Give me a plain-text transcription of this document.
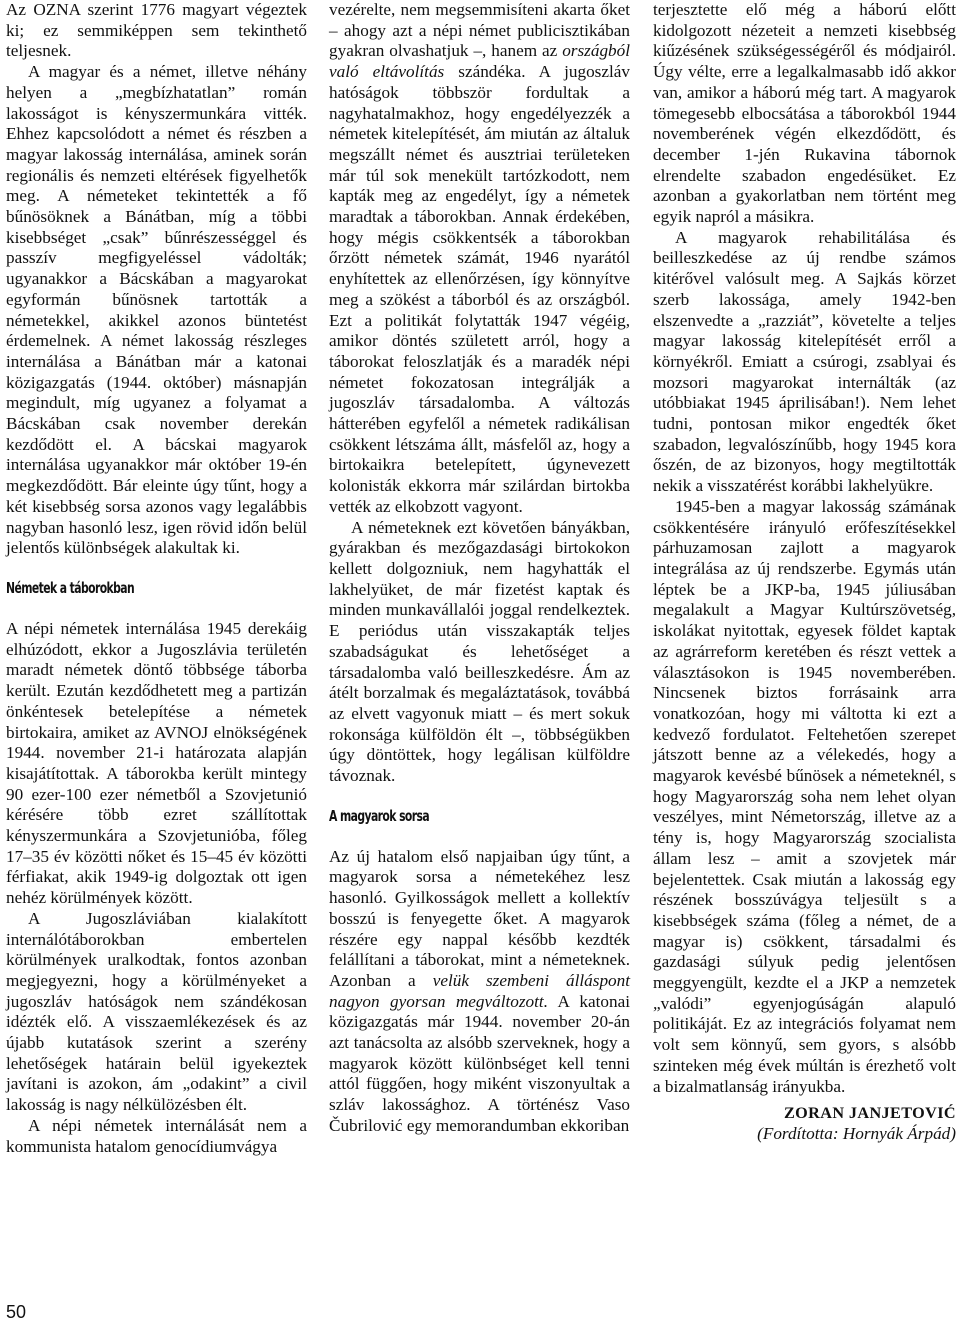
Az OZNA szerint 1776 magyart végeztek ki; ez semmiképpen sem tekinthető teljesnek.

A magyar és a német, illetve néhány helyen a „megbízhatatlan” román lakosságot is kényszermunkára vitték. Ehhez kapcsolódott a német és részben a magyar lakosság internálása, aminek során regionális és nemzeti eltérések figyelhetők meg. A németeket tekintették a fő bűnösöknek a Bánátban, míg a többi kisebbséget „csak” bűnrészességgel és passzív megfigyeléssel vádolták; ugyanakkor a Bácskában a magyarokat egyformán bűnösnek tartották a németekkel, akikkel azonos büntetést érdemelnek. A német lakosság részleges internálása a Bánátban már a katonai közigazgatás (1944. október) másnapján megindult, míg ugyanez a folyamat a Bácskában csak november derekán kezdődött el. A bácskai magyarok internálása ugyanakkor már október 19-én megkezdődött. Bár eleinte úgy tűnt, hogy a két kisebbség sorsa azonos vagy legalábbis nagyban hasonló lesz, igen rövid időn belül jelentős különbségek alakultak ki.

Németek a táborokban

A népi németek internálása 1945 derekáig elhúzódott, ekkor a Jugoszlávia területén maradt németek döntő többsége táborba került. Ezután kezdődhetett meg a partizán önkéntesek betelepítése a németek birtokaira, amiket az AVNOJ elnökségének 1944. november 21-i határozata alapján kisajátítottak. A táborokba került mintegy 90 ezer-100 ezer németből a Szovjetunió kérésére több ezret szállítottak kényszermunkára a Szovjetunióba, főleg 17–35 év közötti nőket és 15–45 év közötti férfiakat, akik 1949-ig dolgoztak ott igen nehéz körülmények között.

A Jugoszláviában kialakított internálótáborokban embertelen körülmények uralkodtak, fontos azonban megjegyezni, hogy a körülményeket a jugoszláv hatóságok nem szándékosan idézték elő. A visszaemlékezések és az újabb kutatások szerint a szerény lehetőségek határain belül igyekeztek javítani is azokon, ám „odakint” a civil lakosság is nagy nélkülözésben élt.

A népi németek internálását nem a kommunista hatalom genocídiumvágya

vezérelte, nem megsemmisíteni akarta őket – ahogy azt a népi német publicisztikában gyakran olvashatjuk –, hanem az országból való eltávolítás szándéka. A jugoszláv hatóságok többször fordultak a nagyhatalmakhoz, hogy engedélyezzék a németek kitelepítését, ám miután az általuk megszállt német és ausztriai területeken már túl sok menekült tartózkodott, nem kapták meg az engedélyt, így a németek maradtak a táborokban. Annak érdekében, hogy mégis csökkentsék a táborokban őrzött németek számát, 1946 nyarától enyhítettek az ellenőrzésen, így könnyítve meg a szökést a táborból és az országból. Ezt a politikát folytatták 1947 végéig, amikor döntés született arról, hogy a táborokat feloszlatják és a maradék népi németet fokozatosan integrálják a jugoszláv társadalomba. A változás hátterében egyfelől a németek radikálisan csökkent létszáma állt, másfelől az, hogy a birtokaikra betelepített, úgynevezett kolonisták ekkorra már szilárdan birtokba vették az elkobzott vagyont.

A németeknek ezt követően bányákban, gyárakban és mezőgazdasági birtokokon kellett dolgozniuk, nem hagyhatták el lakhelyüket, de már fizetést kaptak és minden munkavállalói joggal rendelkeztek. E periódus után visszakapták teljes szabadságukat és lehetőséget a társadalomba való beilleszkedésre. Ám az átélt borzalmak és megaláztatások, továbbá az elvett vagyonuk miatt – és mert sokuk rokonsága külföldön élt –, többségükben úgy döntöttek, hogy legálisan külföldre távoznak.

A magyarok sorsa

Az új hatalom első napjaiban úgy tűnt, a magyarok sorsa a németekéhez lesz hasonló. Gyilkosságok mellett a kollektív bosszú is fenyegette őket. A magyarok részére egy nappal később kezdték felállítani a táborokat, mint a németeknek. Azonban a velük szembeni álláspont nagyon gyorsan megváltozott. A katonai közigazgatás már 1944. november 20-án azt tanácsolta az alsóbb szerveknek, hogy a magyarok között különbséget kell tenni attól függően, hogy miként viszonyultak a szláv lakossághoz. A történész Vaso Čubrilović egy memorandumban ekkoriban

terjesztette elő még a háború előtt kidolgozott nézeteit a nemzeti kisebbség kiűzésének szükségességéről és módjairól. Úgy vélte, erre a legalkalmasabb idő akkor van, amikor a háború még tart. A magyarok tömegesebb elbocsátása a táborokból 1944 novemberének végén elkezdődött, és december 1-jén Rukavina tábornok elrendelte szabadon engedésüket. Ez azonban a gyakorlatban nem történt meg egyik napról a másikra.

A magyarok rehabilitálása és beilleszkedése az új rendbe számos kitérővel valósult meg. A Sajkás körzet szerb lakossága, amely 1942-ben elszenvedte a „razziát”, követelte a teljes magyar lakosság kitelepítését erről a környékről. Emiatt a csúrogi, zsablyai és mozsori magyarokat internálták (az utóbbiakat 1945 áprilisában!). Nem lehet tudni, pontosan mikor engedték őket szabadon, legvalószínűbb, hogy 1945 kora őszén, de az bizonyos, hogy megtiltották nekik a visszatérést korábbi lakhelyükre.

1945-ben a magyar lakosság számának csökkentésére irányuló erőfeszítésekkel párhuzamosan zajlott a magyarok integrálása az új rendszerbe. Egymás után léptek be a JKP-ba, 1945 júliusában megalakult a Magyar Kultúrszövetség, iskolákat nyitottak, egyesek földet kaptak az agrárreform keretében és részt vettek a választásokon is 1945 novemberében. Nincsenek biztos forrásaink arra vonatkozóan, hogy mi váltotta ki ezt a kedvező fordulatot. Feltehetően szerepet játszott benne az a vélekedés, hogy a magyarok kevésbé bűnösek a németeknél, s hogy Magyarország soha nem lehet olyan veszélyes, mint Németország, illetve az a tény is, hogy Magyarország szocialista állam lesz – amit a szovjetek már bejelentettek. Csak miután a lakosság egy részének bosszúvágya teljesült s a kisebbségek száma (főleg a német, de a magyar is) csökkent, társadalmi és gazdasági súlyuk pedig jelentősen meggyengült, kezdte el a JKP a nemzetek „valódi” egyenjogúságán alapuló politikáját. Ez az integrációs folyamat nem volt sem könnyű, sem gyors, s alsóbb szinteken még évek múltán is érezhető volt a bizalmatlanság irányukba.

ZORAN JANJETOVIĆ
(Fordította: Hornyák Árpád)
50
